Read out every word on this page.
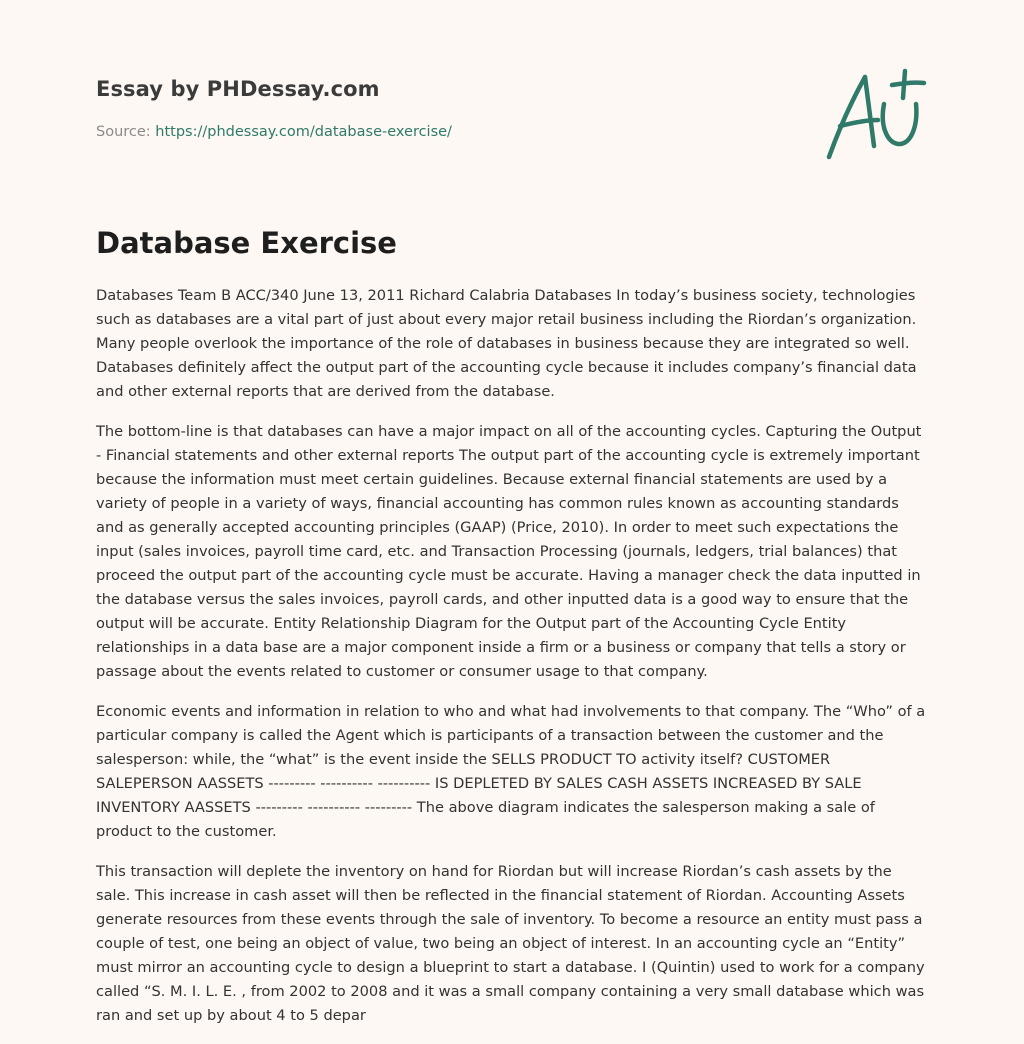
Essay by PHDessay.com
Source: https://phdessay.com/database-exercise/
Database Exercise

Databases Team B ACC/340 June 13, 2011 Richard Calabria Databases In today’s business society, technologies such as databases are a vital part of just about every major retail business including the Riordan’s organization. Many people overlook the importance of the role of databases in business because they are integrated so well. Databases definitely affect the output part of the accounting cycle because it includes company’s financial data and other external reports that are derived from the database.

The bottom-line is that databases can have a major impact on all of the accounting cycles. Capturing the Output - Financial statements and other external reports The output part of the accounting cycle is extremely important because the information must meet certain guidelines. Because external financial statements are used by a variety of people in a variety of ways, financial accounting has common rules known as accounting standards and as generally accepted accounting principles (GAAP) (Price, 2010). In order to meet such expectations the input (sales invoices, payroll time card, etc. and Transaction Processing (journals, ledgers, trial balances) that proceed the output part of the accounting cycle must be accurate. Having a manager check the data inputted in the database versus the sales invoices, payroll cards, and other inputted data is a good way to ensure that the output will be accurate. Entity Relationship Diagram for the Output part of the Accounting Cycle Entity relationships in a data base are a major component inside a firm or a business or company that tells a story or passage about the events related to customer or consumer usage to that company.

Economic events and information in relation to who and what had involvements to that company. The “Who” of a particular company is called the Agent which is participants of a transaction between the customer and the salesperson: while, the “what” is the event inside the SELLS PRODUCT TO activity itself? CUSTOMER SALEPERSON AASSETS --------- ---------- ---------- IS DEPLETED BY SALES CASH ASSETS INCREASED BY SALE INVENTORY AASSETS --------- ---------- --------- The above diagram indicates the salesperson making a sale of product to the customer.

This transaction will deplete the inventory on hand for Riordan but will increase Riordan’s cash assets by the sale. This increase in cash asset will then be reflected in the financial statement of Riordan. Accounting Assets generate resources from these events through the sale of inventory. To become a resource an entity must pass a couple of test, one being an object of value, two being an object of interest. In an accounting cycle an “Entity” must mirror an accounting cycle to design a blueprint to start a database. I (Quintin) used to work for a company called “S. M. I. L. E. , from 2002 to 2008 and it was a small company containing a very small database which was ran and set up by about 4 to 5 depar
